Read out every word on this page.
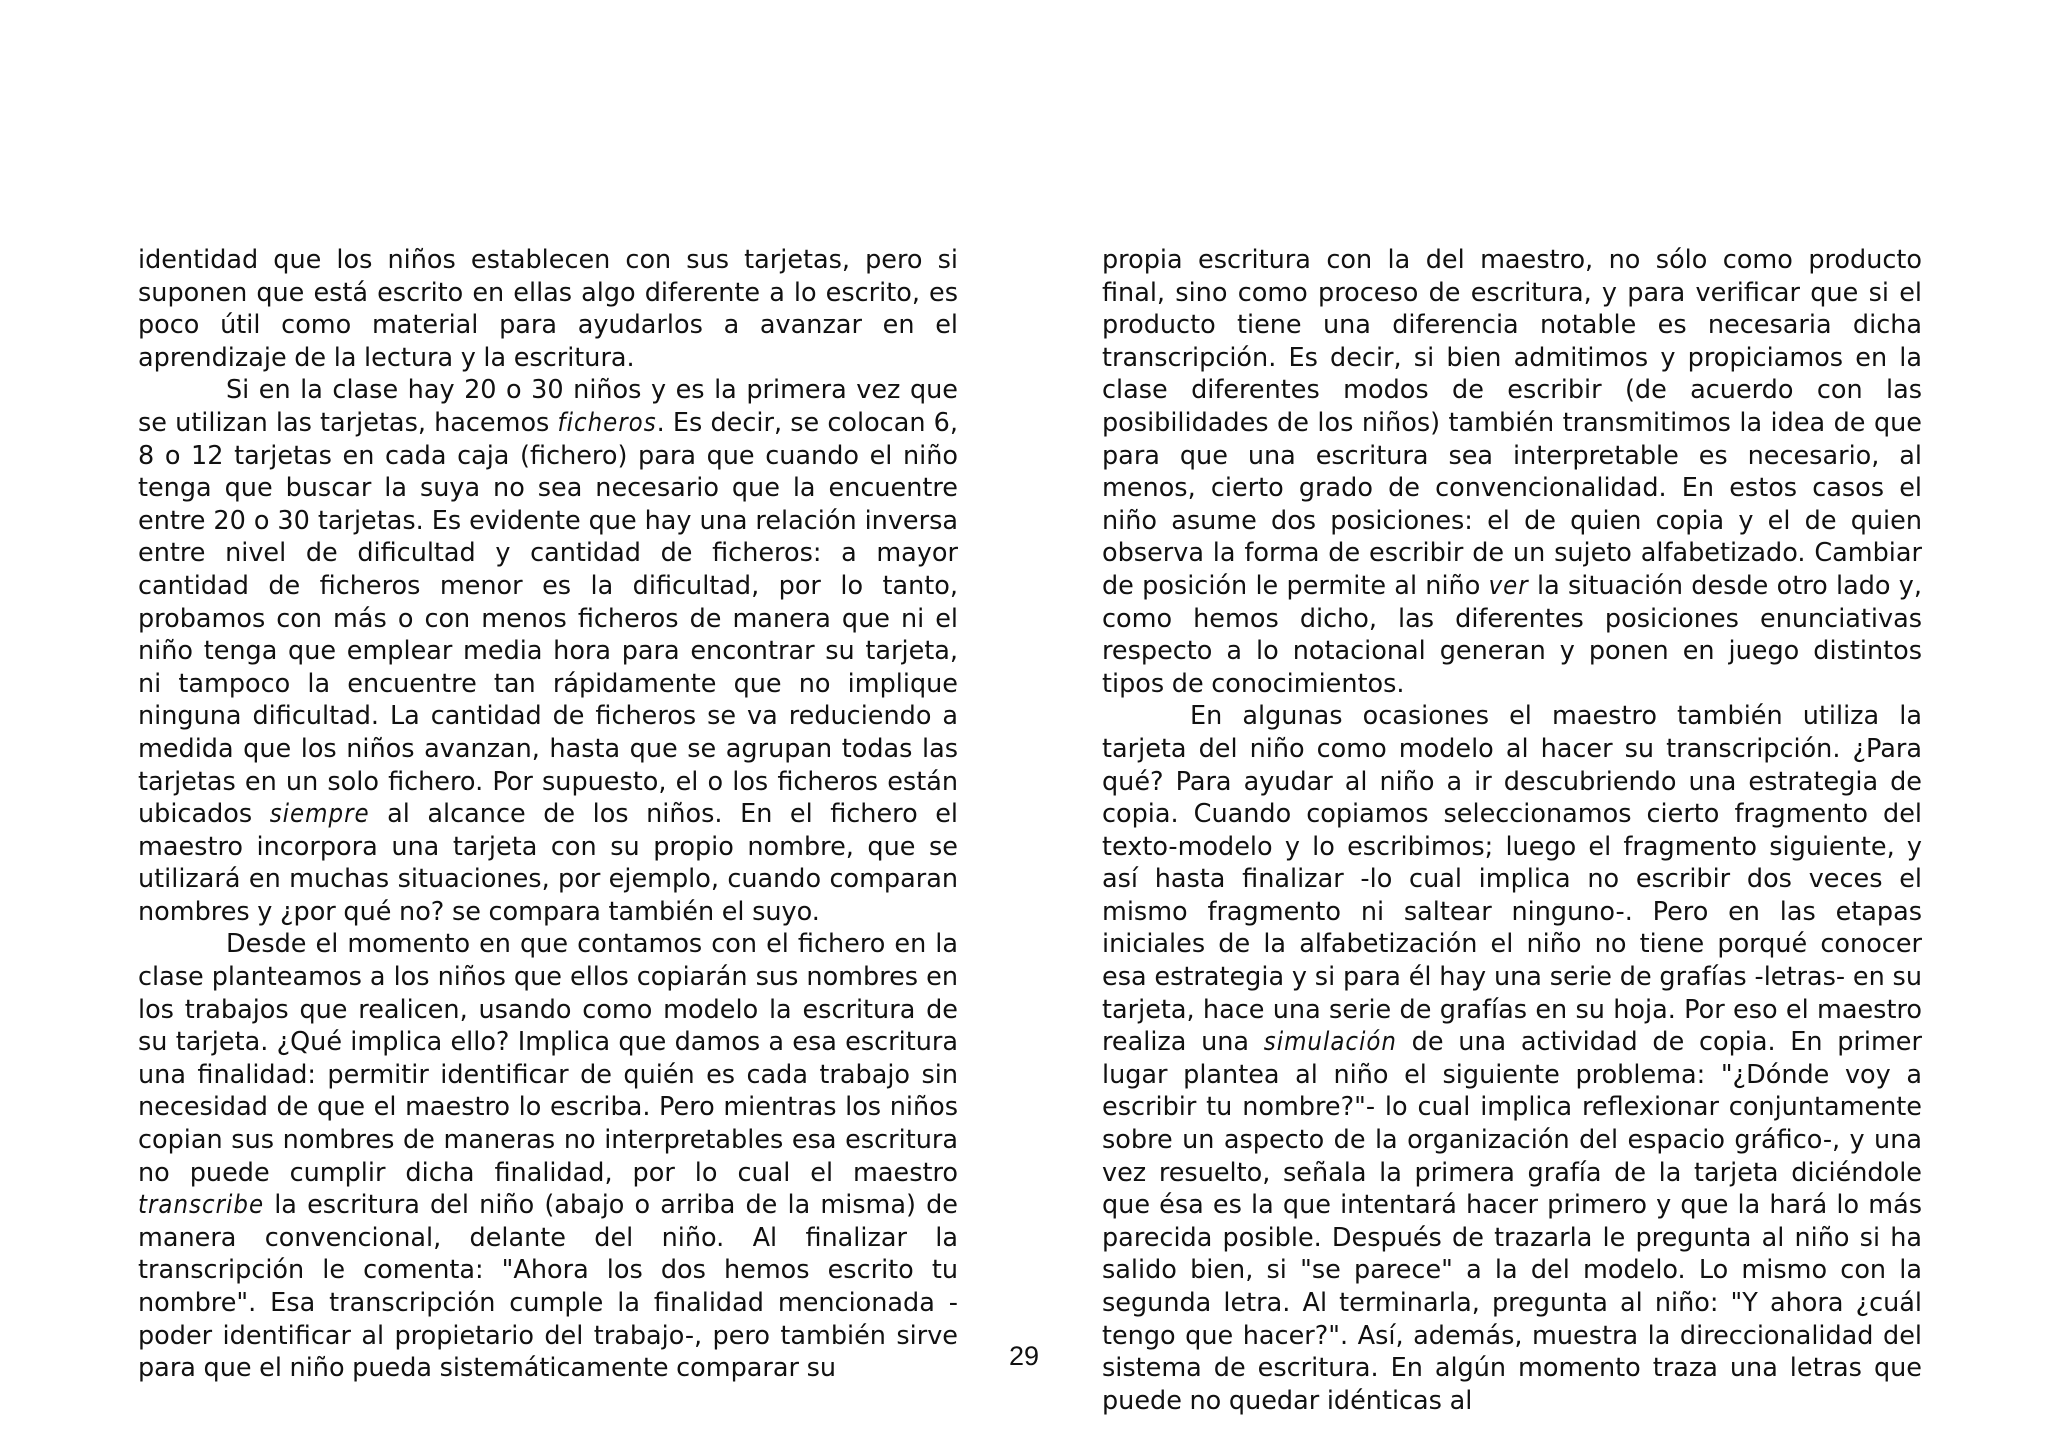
identidad que los niños establecen con sus tarjetas, pero si suponen que está escrito en ellas algo diferente a lo escrito, es poco útil como material para ayudarlos a avanzar en el aprendizaje de la lectura y la escritura.

Si en la clase hay 20 o 30 niños y es la primera vez que se utilizan las tarjetas, hacemos ficheros. Es decir, se colocan 6, 8 o 12 tarjetas en cada caja (fichero) para que cuando el niño tenga que buscar la suya no sea necesario que la encuentre entre 20 o 30 tarjetas. Es evidente que hay una relación inversa entre nivel de dificultad y cantidad de ficheros: a mayor cantidad de ficheros menor es la dificultad, por lo tanto, probamos con más o con menos ficheros de manera que ni el niño tenga que emplear media hora para encontrar su tarjeta, ni tampoco la encuentre tan rápidamente que no implique ninguna dificultad. La cantidad de ficheros se va reduciendo a medida que los niños avanzan, hasta que se agrupan todas las tarjetas en un solo fichero. Por supuesto, el o los ficheros están ubicados siempre al alcance de los niños. En el fichero el maestro incorpora una tarjeta con su propio nombre, que se utilizará en muchas situaciones, por ejemplo, cuando comparan nombres y ¿por qué no? se compara también el suyo.

Desde el momento en que contamos con el fichero en la clase planteamos a los niños que ellos copiarán sus nombres en los trabajos que realicen, usando como modelo la escritura de su tarjeta. ¿Qué implica ello? Implica que damos a esa escritura una finalidad: permitir identificar de quién es cada trabajo sin necesidad de que el maestro lo escriba. Pero mientras los niños copian sus nombres de maneras no interpretables esa escritura no puede cumplir dicha finalidad, por lo cual el maestro transcribe la escritura del niño (abajo o arriba de la misma) de manera convencional, delante del niño. Al finalizar la transcripción le comenta: "Ahora los dos hemos escrito tu nombre". Esa transcripción cumple la finalidad mencionada -poder identificar al propietario del trabajo-, pero también sirve para que el niño pueda sistemáticamente comparar su

propia escritura con la del maestro, no sólo como producto final, sino como proceso de escritura, y para verificar que si el producto tiene una diferencia notable es necesaria dicha transcripción. Es decir, si bien admitimos y propiciamos en la clase diferentes modos de escribir (de acuerdo con las posibilidades de los niños) también transmitimos la idea de que para que una escritura sea interpretable es necesario, al menos, cierto grado de convencionalidad. En estos casos el niño asume dos posiciones: el de quien copia y el de quien observa la forma de escribir de un sujeto alfabetizado. Cambiar de posición le permite al niño ver la situación desde otro lado y, como hemos dicho, las diferentes posiciones enunciativas respecto a lo notacional generan y ponen en juego distintos tipos de conocimientos.

En algunas ocasiones el maestro también utiliza la tarjeta del niño como modelo al hacer su transcripción. ¿Para qué? Para ayudar al niño a ir descubriendo una estrategia de copia. Cuando copiamos seleccionamos cierto fragmento del texto-modelo y lo escribimos; luego el fragmento siguiente, y así hasta finalizar -lo cual implica no escribir dos veces el mismo fragmento ni saltear ninguno-. Pero en las etapas iniciales de la alfabetización el niño no tiene porqué conocer esa estrategia y si para él hay una serie de grafías -letras- en su tarjeta, hace una serie de grafías en su hoja. Por eso el maestro realiza una simulación de una actividad de copia. En primer lugar plantea al niño el siguiente problema: "¿Dónde voy a escribir tu nombre?"- lo cual implica reflexionar conjuntamente sobre un aspecto de la organización del espacio gráfico-, y una vez resuelto, señala la primera grafía de la tarjeta diciéndole que ésa es la que intentará hacer primero y que la hará lo más parecida posible. Después de trazarla le pregunta al niño si ha salido bien, si "se parece" a la del modelo. Lo mismo con la segunda letra. Al terminarla, pregunta al niño: "Y ahora ¿cuál tengo que hacer?". Así, además, muestra la direccionalidad del sistema de escritura. En algún momento traza una letras que puede no quedar idénticas al

29
